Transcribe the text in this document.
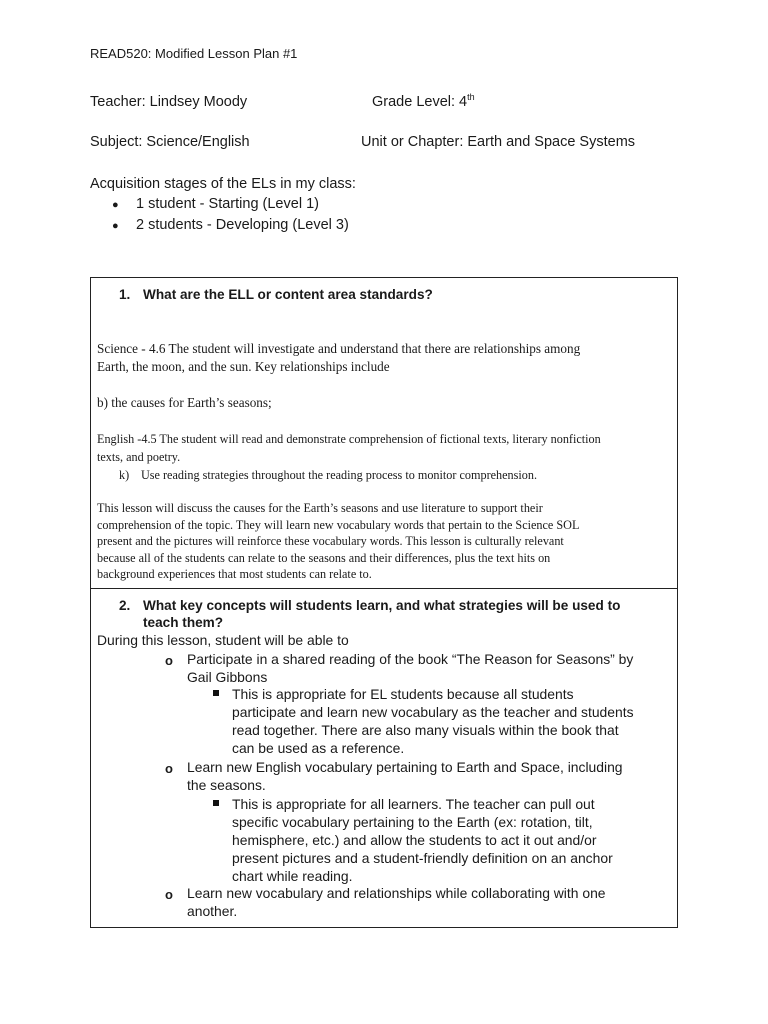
READ520: Modified Lesson Plan #1
Teacher: Lindsey Moody	Grade Level: 4th
Subject: Science/English	Unit or Chapter: Earth and Space Systems
Acquisition stages of the ELs in my class:
● 1 student - Starting (Level 1)
● 2 students - Developing (Level 3)
1. What are the ELL or content area standards?
Science - 4.6 The student will investigate and understand that there are relationships among
Earth, the moon, and the sun. Key relationships include
b) the causes for Earth’s seasons;
English -4.5 The student will read and demonstrate comprehension of fictional texts, literary nonfiction
texts, and poetry.
k) Use reading strategies throughout the reading process to monitor comprehension.
This lesson will discuss the causes for the Earth’s seasons and use literature to support their
comprehension of the topic. They will learn new vocabulary words that pertain to the Science SOL
present and the pictures will reinforce these vocabulary words. This lesson is culturally relevant
because all of the students can relate to the seasons and their differences, plus the text hits on
background experiences that most students can relate to.
2. What key concepts will students learn, and what strategies will be used to
teach them?
During this lesson, student will be able to
o Participate in a shared reading of the book “The Reason for Seasons” by
Gail Gibbons
This is appropriate for EL students because all students
participate and learn new vocabulary as the teacher and students
read together. There are also many visuals within the book that
can be used as a reference.
o Learn new English vocabulary pertaining to Earth and Space, including
the seasons.
This is appropriate for all learners. The teacher can pull out
specific vocabulary pertaining to the Earth (ex: rotation, tilt,
hemisphere, etc.) and allow the students to act it out and/or
present pictures and a student-friendly definition on an anchor
chart while reading.
o Learn new vocabulary and relationships while collaborating with one
another.
